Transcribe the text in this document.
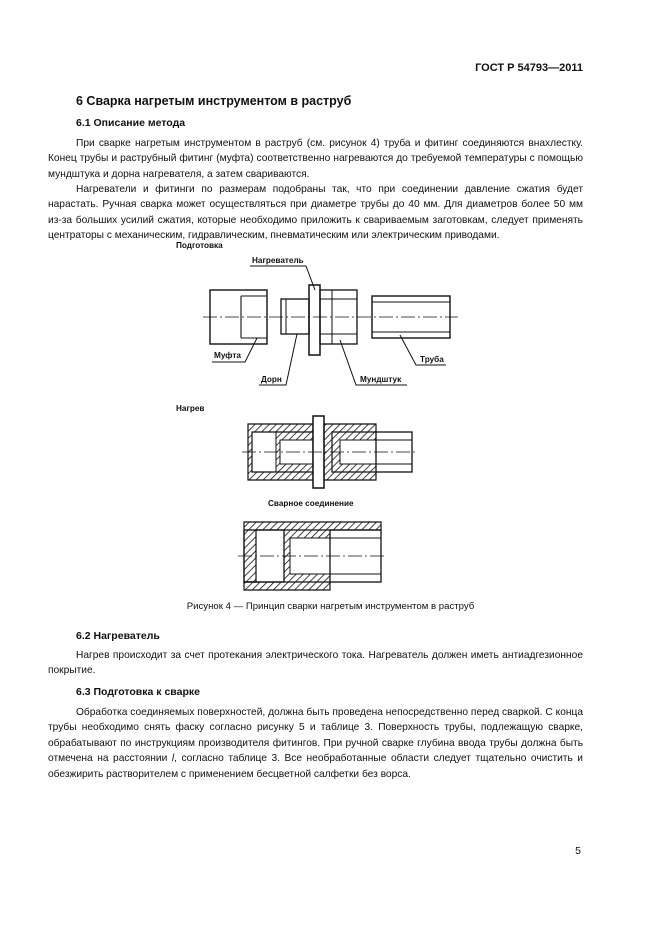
ГОСТ Р 54793—2011
6 Сварка нагретым инструментом в раструб
6.1 Описание метода

При сварке нагретым инструментом в раструб (см. рисунок 4) труба и фитинг соединяются внахлестку. Конец трубы и раструбный фитинг (муфта) соответственно нагреваются до требуемой температуры с помощью мундштука и дорна нагревателя, а затем свариваются.

Нагреватели и фитинги по размерам подобраны так, что при соединении давление сжатия будет нарастать. Ручная сварка может осуществляться при диаметре трубы до 40 мм. Для диаметров более 50 мм из-за больших усилий сжатия, которые необходимо приложить к свариваемым заготовкам, следует применять центраторы с механическим, гидравлическим, пневматическим или электрическим приводами.

Подготовка
Нагрев
Сварное соединение
Нагреватель
Муфта
Дорн	Мундштук
Труба
Рисунок 4 — Принцип сварки нагретым инструментом в раструб
6.2 Нагреватель

Нагрев происходит за счет протекания электрического тока. Нагреватель должен иметь антиадгезионное покрытие.

6.3 Подготовка к сварке

Обработка соединяемых поверхностей, должна быть проведена непосредственно перед сваркой. С конца трубы необходимо снять фаску согласно рисунку 5 и таблице 3. Поверхность трубы, подлежащую сварке, обрабатывают по инструкциям производителя фитингов. При ручной сварке глубина ввода трубы должна быть отмечена на расстоянии l, согласно таблице 3. Все необработанные области следует тщательно очистить и обезжирить растворителем с применением бесцветной салфетки без ворса.

5
